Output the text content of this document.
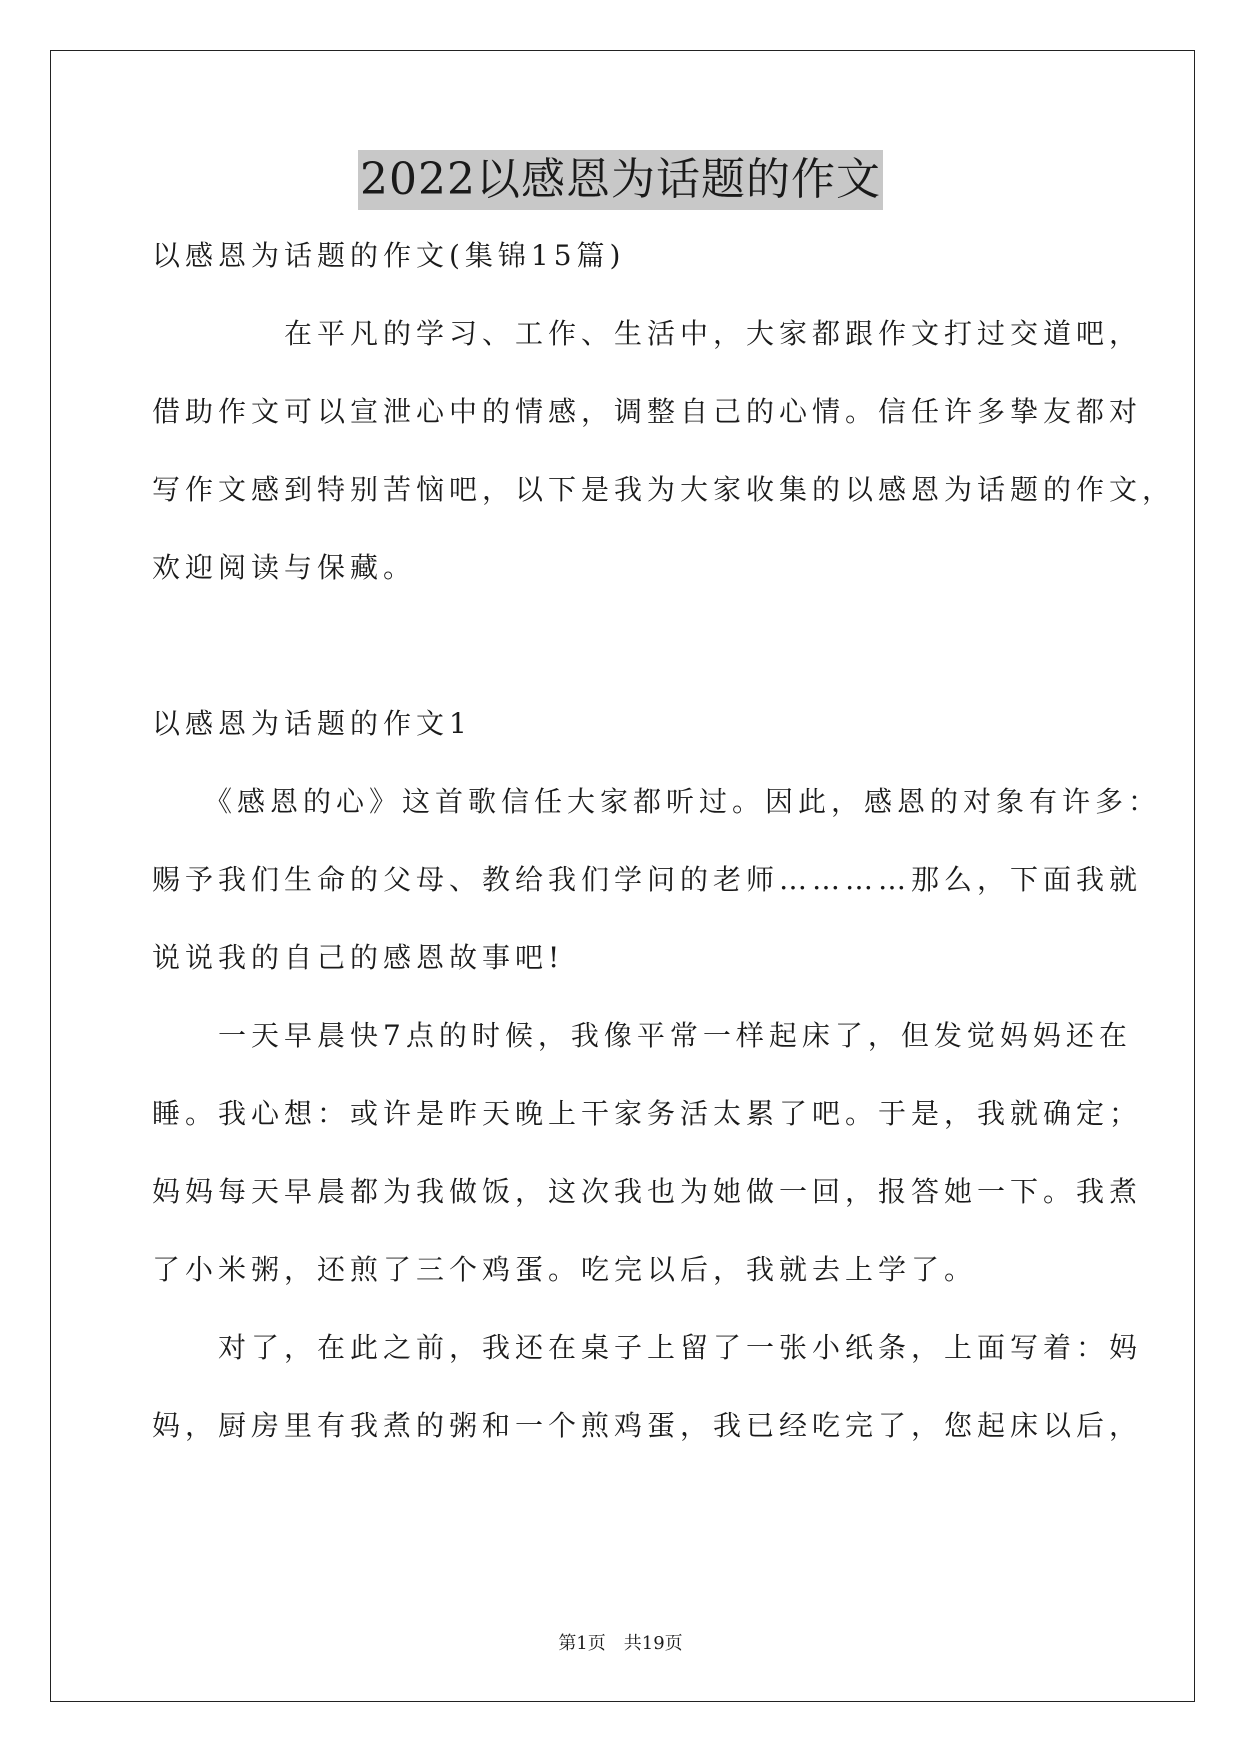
2022以感恩为话题的作文
以感恩为话题的作文(集锦15篇)
　　　　在平凡的学习、工作、生活中，大家都跟作文打过交道吧，
借助作文可以宣泄心中的情感，调整自己的心情。信任许多挚友都对
写作文感到特别苦恼吧，以下是我为大家收集的以感恩为话题的作文，
欢迎阅读与保藏。
以感恩为话题的作文1
　　《感恩的心》这首歌信任大家都听过。因此，感恩的对象有许多：
赐予我们生命的父母、教给我们学问的老师…………那么，下面我就
说说我的自己的感恩故事吧!
　　一天早晨快7点的时候，我像平常一样起床了，但发觉妈妈还在
睡。我心想：或许是昨天晚上干家务活太累了吧。于是，我就确定；
妈妈每天早晨都为我做饭，这次我也为她做一回，报答她一下。我煮
了小米粥，还煎了三个鸡蛋。吃完以后，我就去上学了。
　　对了，在此之前，我还在桌子上留了一张小纸条，上面写着：妈
妈，厨房里有我煮的粥和一个煎鸡蛋，我已经吃完了，您起床以后，
第1页　共19页
